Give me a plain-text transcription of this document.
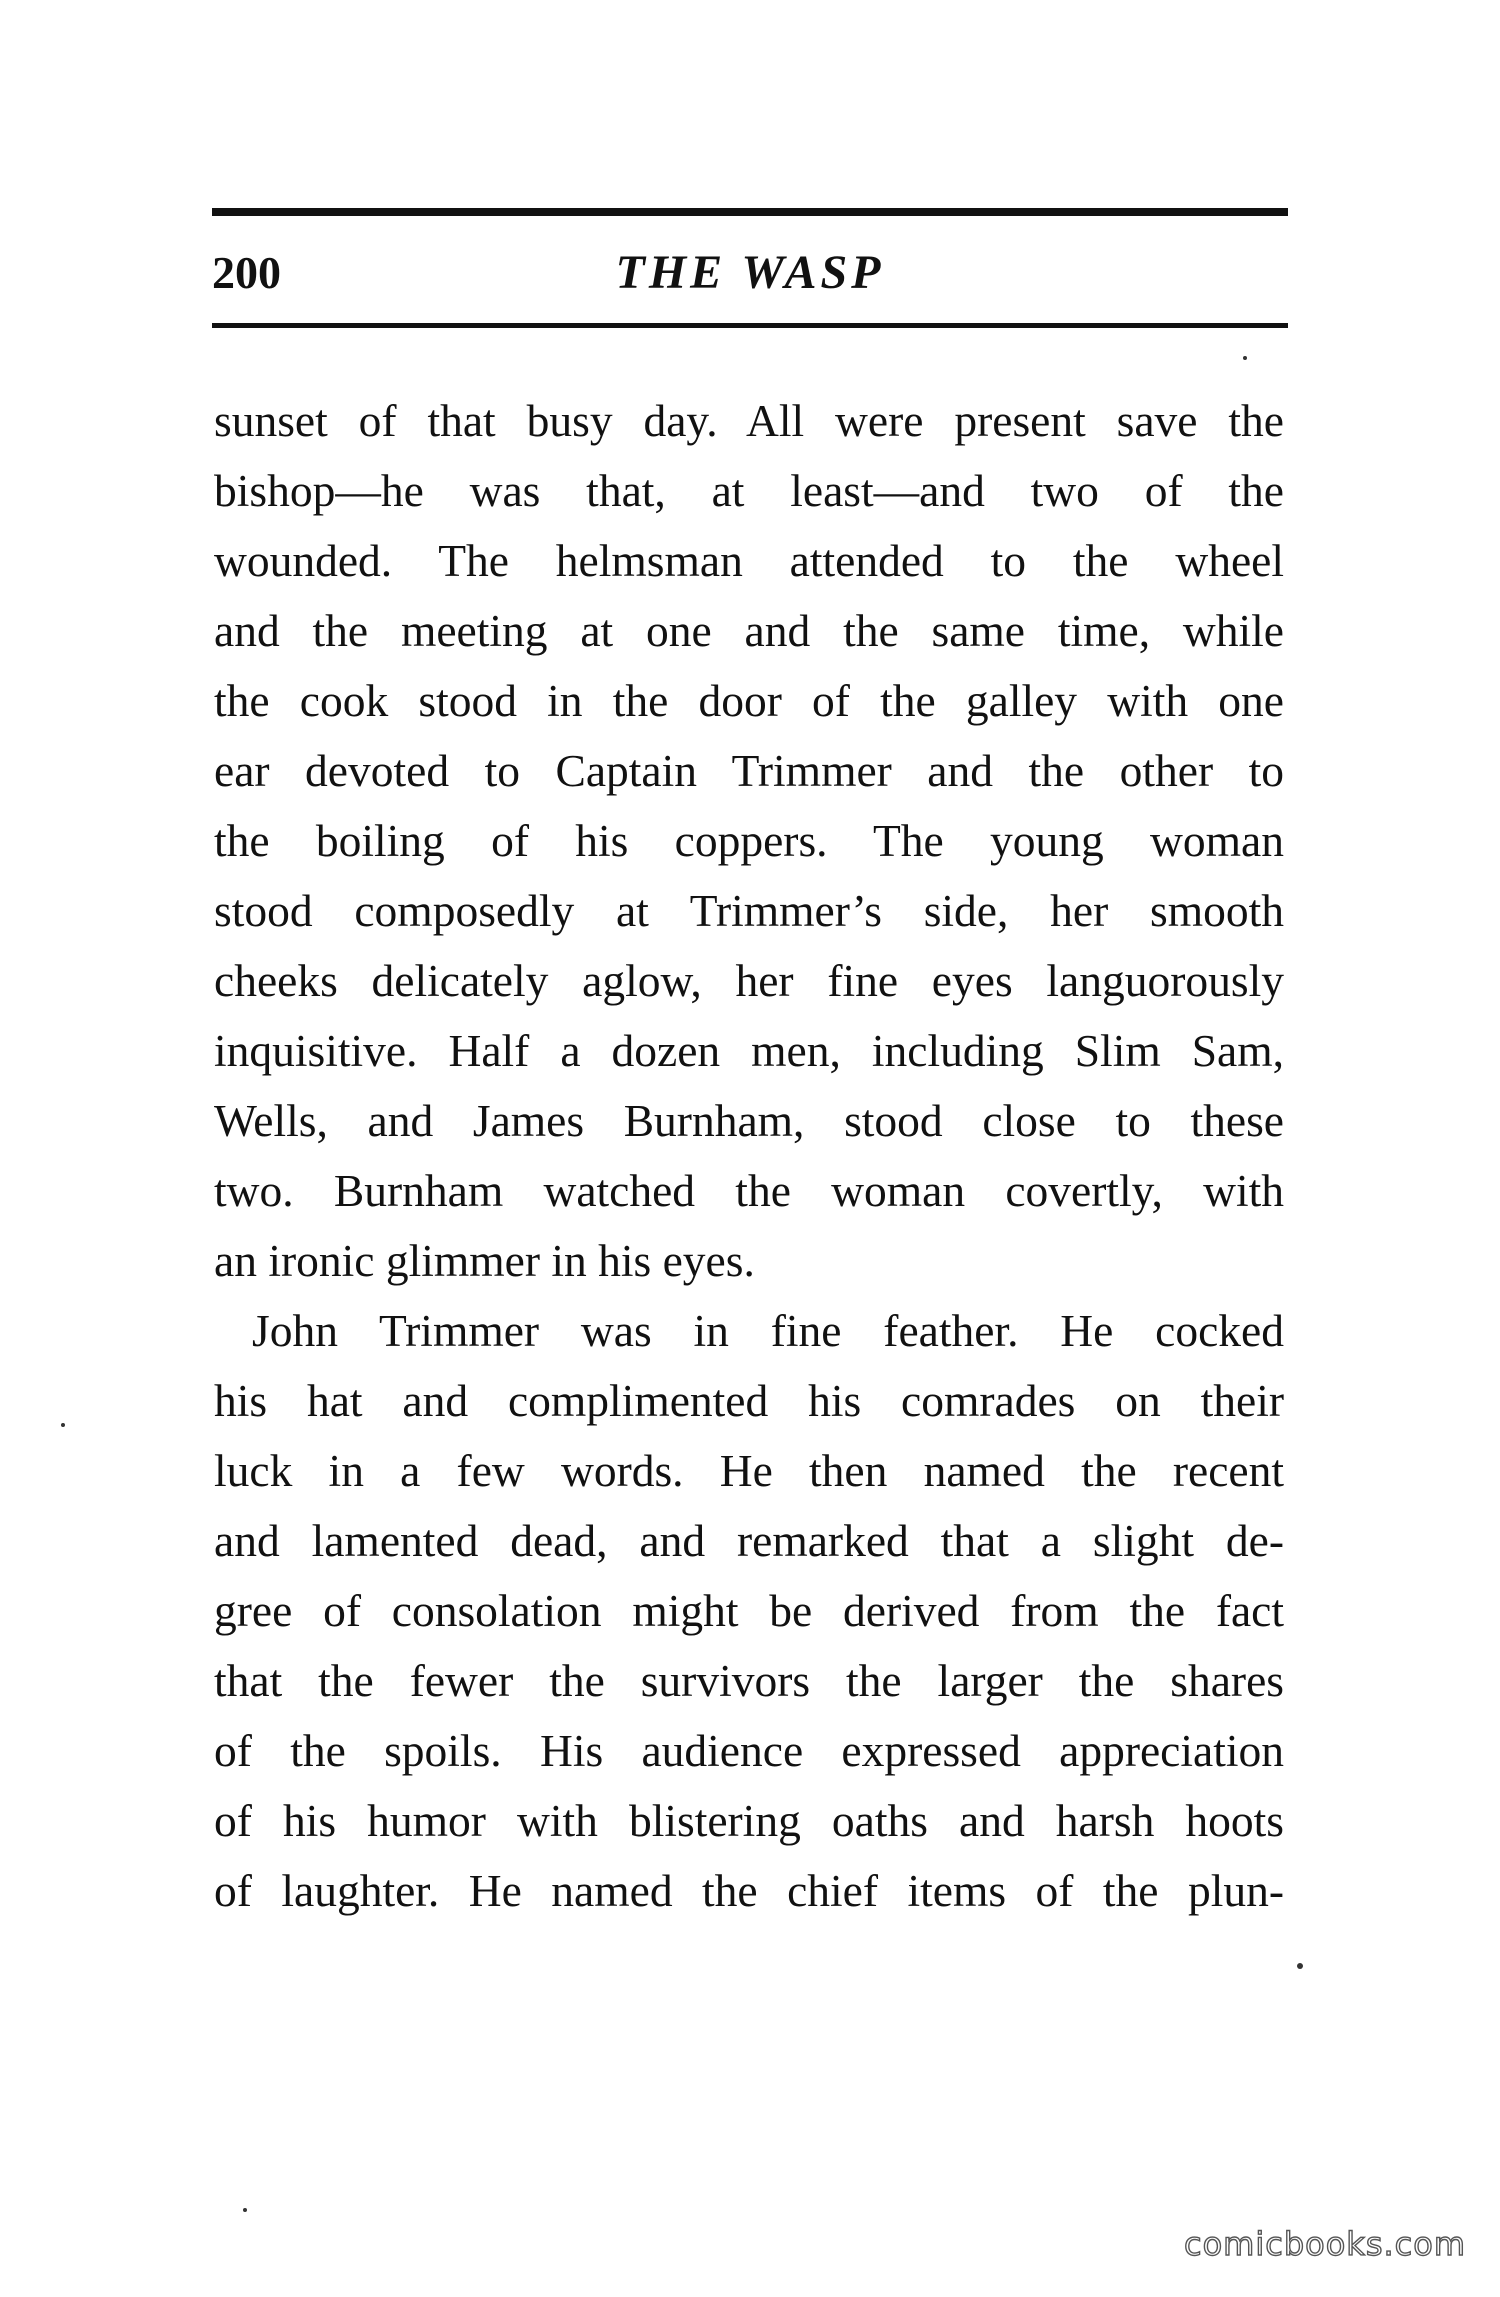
200	THE WASP
sunset of that busy day. All were present save the
bishop—he was that, at least—and two of the
wounded. The helmsman attended to the wheel
and the meeting at one and the same time, while
the cook stood in the door of the galley with one
ear devoted to Captain Trimmer and the other to
the boiling of his coppers. The young woman
stood composedly at Trimmer’s side, her smooth
cheeks delicately aglow, her fine eyes languorously
inquisitive. Half a dozen men, including Slim Sam,
Wells, and James Burnham, stood close to these
two. Burnham watched the woman covertly, with
an ironic glimmer in his eyes.
John Trimmer was in fine feather. He cocked
his hat and complimented his comrades on their
luck in a few words. He then named the recent
and lamented dead, and remarked that a slight de-
gree of consolation might be derived from the fact
that the fewer the survivors the larger the shares
of the spoils. His audience expressed appreciation
of his humor with blistering oaths and harsh hoots
of laughter. He named the chief items of the plun-
comicbooks.com
